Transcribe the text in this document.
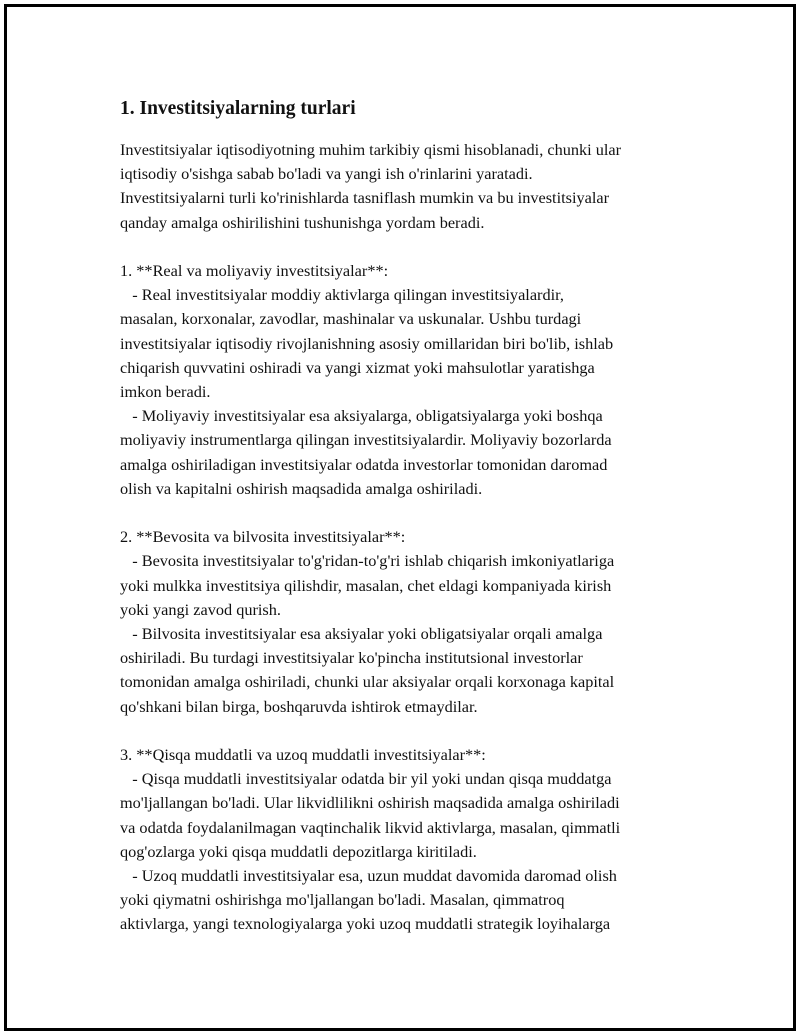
1. Investitsiyalarning turlari

Investitsiyalar iqtisodiyotning muhim tarkibiy qismi hisoblanadi, chunki ular

iqtisodiy o'sishga sabab bo'ladi va yangi ish o'rinlarini yaratadi.

Investitsiyalarni turli ko'rinishlarda tasniflash mumkin va bu investitsiyalar

qanday amalga oshirilishini tushunishga yordam beradi.

1. **Real va moliyaviy investitsiyalar**:

- Real investitsiyalar moddiy aktivlarga qilingan investitsiyalardir,

masalan, korxonalar, zavodlar, mashinalar va uskunalar. Ushbu turdagi

investitsiyalar iqtisodiy rivojlanishning asosiy omillaridan biri bo'lib, ishlab

chiqarish quvvatini oshiradi va yangi xizmat yoki mahsulotlar yaratishga

imkon beradi.

- Moliyaviy investitsiyalar esa aksiyalarga, obligatsiyalarga yoki boshqa

moliyaviy instrumentlarga qilingan investitsiyalardir. Moliyaviy bozorlarda

amalga oshiriladigan investitsiyalar odatda investorlar tomonidan daromad

olish va kapitalni oshirish maqsadida amalga oshiriladi.

2. **Bevosita va bilvosita investitsiyalar**:

- Bevosita investitsiyalar to'g'ridan-to'g'ri ishlab chiqarish imkoniyatlariga

yoki mulkka investitsiya qilishdir, masalan, chet eldagi kompaniyada kirish

yoki yangi zavod qurish.

- Bilvosita investitsiyalar esa aksiyalar yoki obligatsiyalar orqali amalga

oshiriladi. Bu turdagi investitsiyalar ko'pincha institutsional investorlar

tomonidan amalga oshiriladi, chunki ular aksiyalar orqali korxonaga kapital

qo'shkani bilan birga, boshqaruvda ishtirok etmaydilar.

3. **Qisqa muddatli va uzoq muddatli investitsiyalar**:

- Qisqa muddatli investitsiyalar odatda bir yil yoki undan qisqa muddatga

mo'ljallangan bo'ladi. Ular likvidlilikni oshirish maqsadida amalga oshiriladi

va odatda foydalanilmagan vaqtinchalik likvid aktivlarga, masalan, qimmatli

qog'ozlarga yoki qisqa muddatli depozitlarga kiritiladi.

- Uzoq muddatli investitsiyalar esa, uzun muddat davomida daromad olish

yoki qiymatni oshirishga mo'ljallangan bo'ladi. Masalan, qimmatroq

aktivlarga, yangi texnologiyalarga yoki uzoq muddatli strategik loyihalarga
